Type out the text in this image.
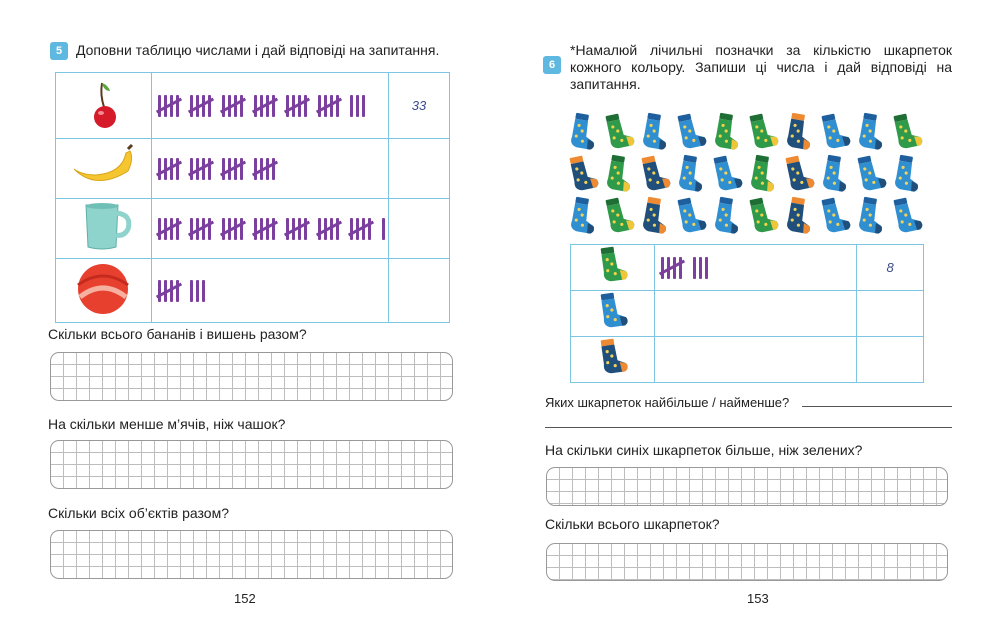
5 Доповни таблицю числами і дай відповіді на запитання.

	33

Скільки всього бананів і вишень разом?
На скільки менше м’ячів, ніж чашок?
Скільки всіх об’єктів разом?
152
6
*Намалюй лічильні позначки за кількістю шкарпеток кожного кольору. Запиши ці числа і дай відповіді на запитання.

	8

Яких шкарпеток найбільше / найменше?
На скільки синіх шкарпеток більше, ніж зелених?
Скільки всього шкарпеток?
153
